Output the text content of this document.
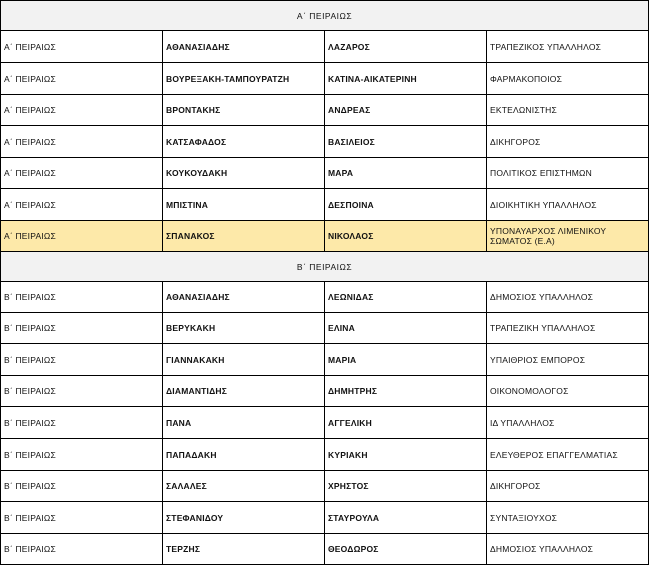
Α΄ ΠΕΙΡΑΙΩΣ			
Α΄ ΠΕΙΡΑΙΩΣ	ΑΘΑΝΑΣΙΑΔΗΣ	ΛΑΖΑΡΟΣ	ΤΡΑΠΕΖΙΚΟΣ ΥΠΑΛΛΗΛΟΣ
Α΄ ΠΕΙΡΑΙΩΣ	ΒΟΥΡΕΞΑΚΗ-ΤΑΜΠΟΥΡΑΤΖΗ	ΚΑΤΙΝΑ-ΑΙΚΑΤΕΡΙΝΗ	ΦΑΡΜΑΚΟΠΟΙΟΣ
Α΄ ΠΕΙΡΑΙΩΣ	ΒΡΟΝΤΑΚΗΣ	ΑΝΔΡΕΑΣ	ΕΚΤΕΛΩΝΙΣΤΗΣ
Α΄ ΠΕΙΡΑΙΩΣ	ΚΑΤΣΑΦΑΔΟΣ	ΒΑΣΙΛΕΙΟΣ	ΔΙΚΗΓΟΡΟΣ
Α΄ ΠΕΙΡΑΙΩΣ	ΚΟΥΚΟΥΔΑΚΗ	ΜΑΡΑ	ΠΟΛΙΤΙΚΟΣ ΕΠΙΣΤΗΜΩΝ
Α΄ ΠΕΙΡΑΙΩΣ	ΜΠΙΣΤΙΝΑ	ΔΕΣΠΟΙΝΑ	ΔΙΟΙΚΗΤΙΚΗ ΥΠΑΛΛΗΛΟΣ
Α΄ ΠΕΙΡΑΙΩΣ	ΣΠΑΝΑΚΟΣ	ΝΙΚΟΛΑΟΣ	ΥΠΟΝΑΥΑΡΧΟΣ ΛΙΜΕΝΙΚΟΥ ΣΩΜΑΤΟΣ (Ε.Α)
Β΄ ΠΕΙΡΑΙΩΣ			
Β΄ ΠΕΙΡΑΙΩΣ	ΑΘΑΝΑΣΙΑΔΗΣ	ΛΕΩΝΙΔΑΣ	ΔΗΜΟΣΙΟΣ ΥΠΑΛΛΗΛΟΣ
Β΄ ΠΕΙΡΑΙΩΣ	ΒΕΡΥΚΑΚΗ	ΕΛΙΝΑ	ΤΡΑΠΕΖΙΚΗ ΥΠΑΛΛΗΛΟΣ
Β΄ ΠΕΙΡΑΙΩΣ	ΓΙΑΝΝΑΚΑΚΗ	ΜΑΡΙΑ	ΥΠΑΙΘΡΙΟΣ ΕΜΠΟΡΟΣ
Β΄ ΠΕΙΡΑΙΩΣ	ΔΙΑΜΑΝΤΙΔΗΣ	ΔΗΜΗΤΡΗΣ	ΟΙΚΟΝΟΜΟΛΟΓΟΣ
Β΄ ΠΕΙΡΑΙΩΣ	ΠΑΝΑ	ΑΓΓΕΛΙΚΗ	ΙΔ ΥΠΑΛΛΗΛΟΣ
Β΄ ΠΕΙΡΑΙΩΣ	ΠΑΠΑΔΑΚΗ	ΚΥΡΙΑΚΗ	ΕΛΕΥΘΕΡΟΣ ΕΠΑΓΓΕΛΜΑΤΙΑΣ
Β΄ ΠΕΙΡΑΙΩΣ	ΣΑΛΑΛΕΣ	ΧΡΗΣΤΟΣ	ΔΙΚΗΓΟΡΟΣ
Β΄ ΠΕΙΡΑΙΩΣ	ΣΤΕΦΑΝΙΔΟΥ	ΣΤΑΥΡΟΥΛΑ	ΣΥΝΤΑΞΙΟΥΧΟΣ
Β΄ ΠΕΙΡΑΙΩΣ	ΤΕΡΖΗΣ	ΘΕΟΔΩΡΟΣ	ΔΗΜΟΣΙΟΣ ΥΠΑΛΛΗΛΟΣ
